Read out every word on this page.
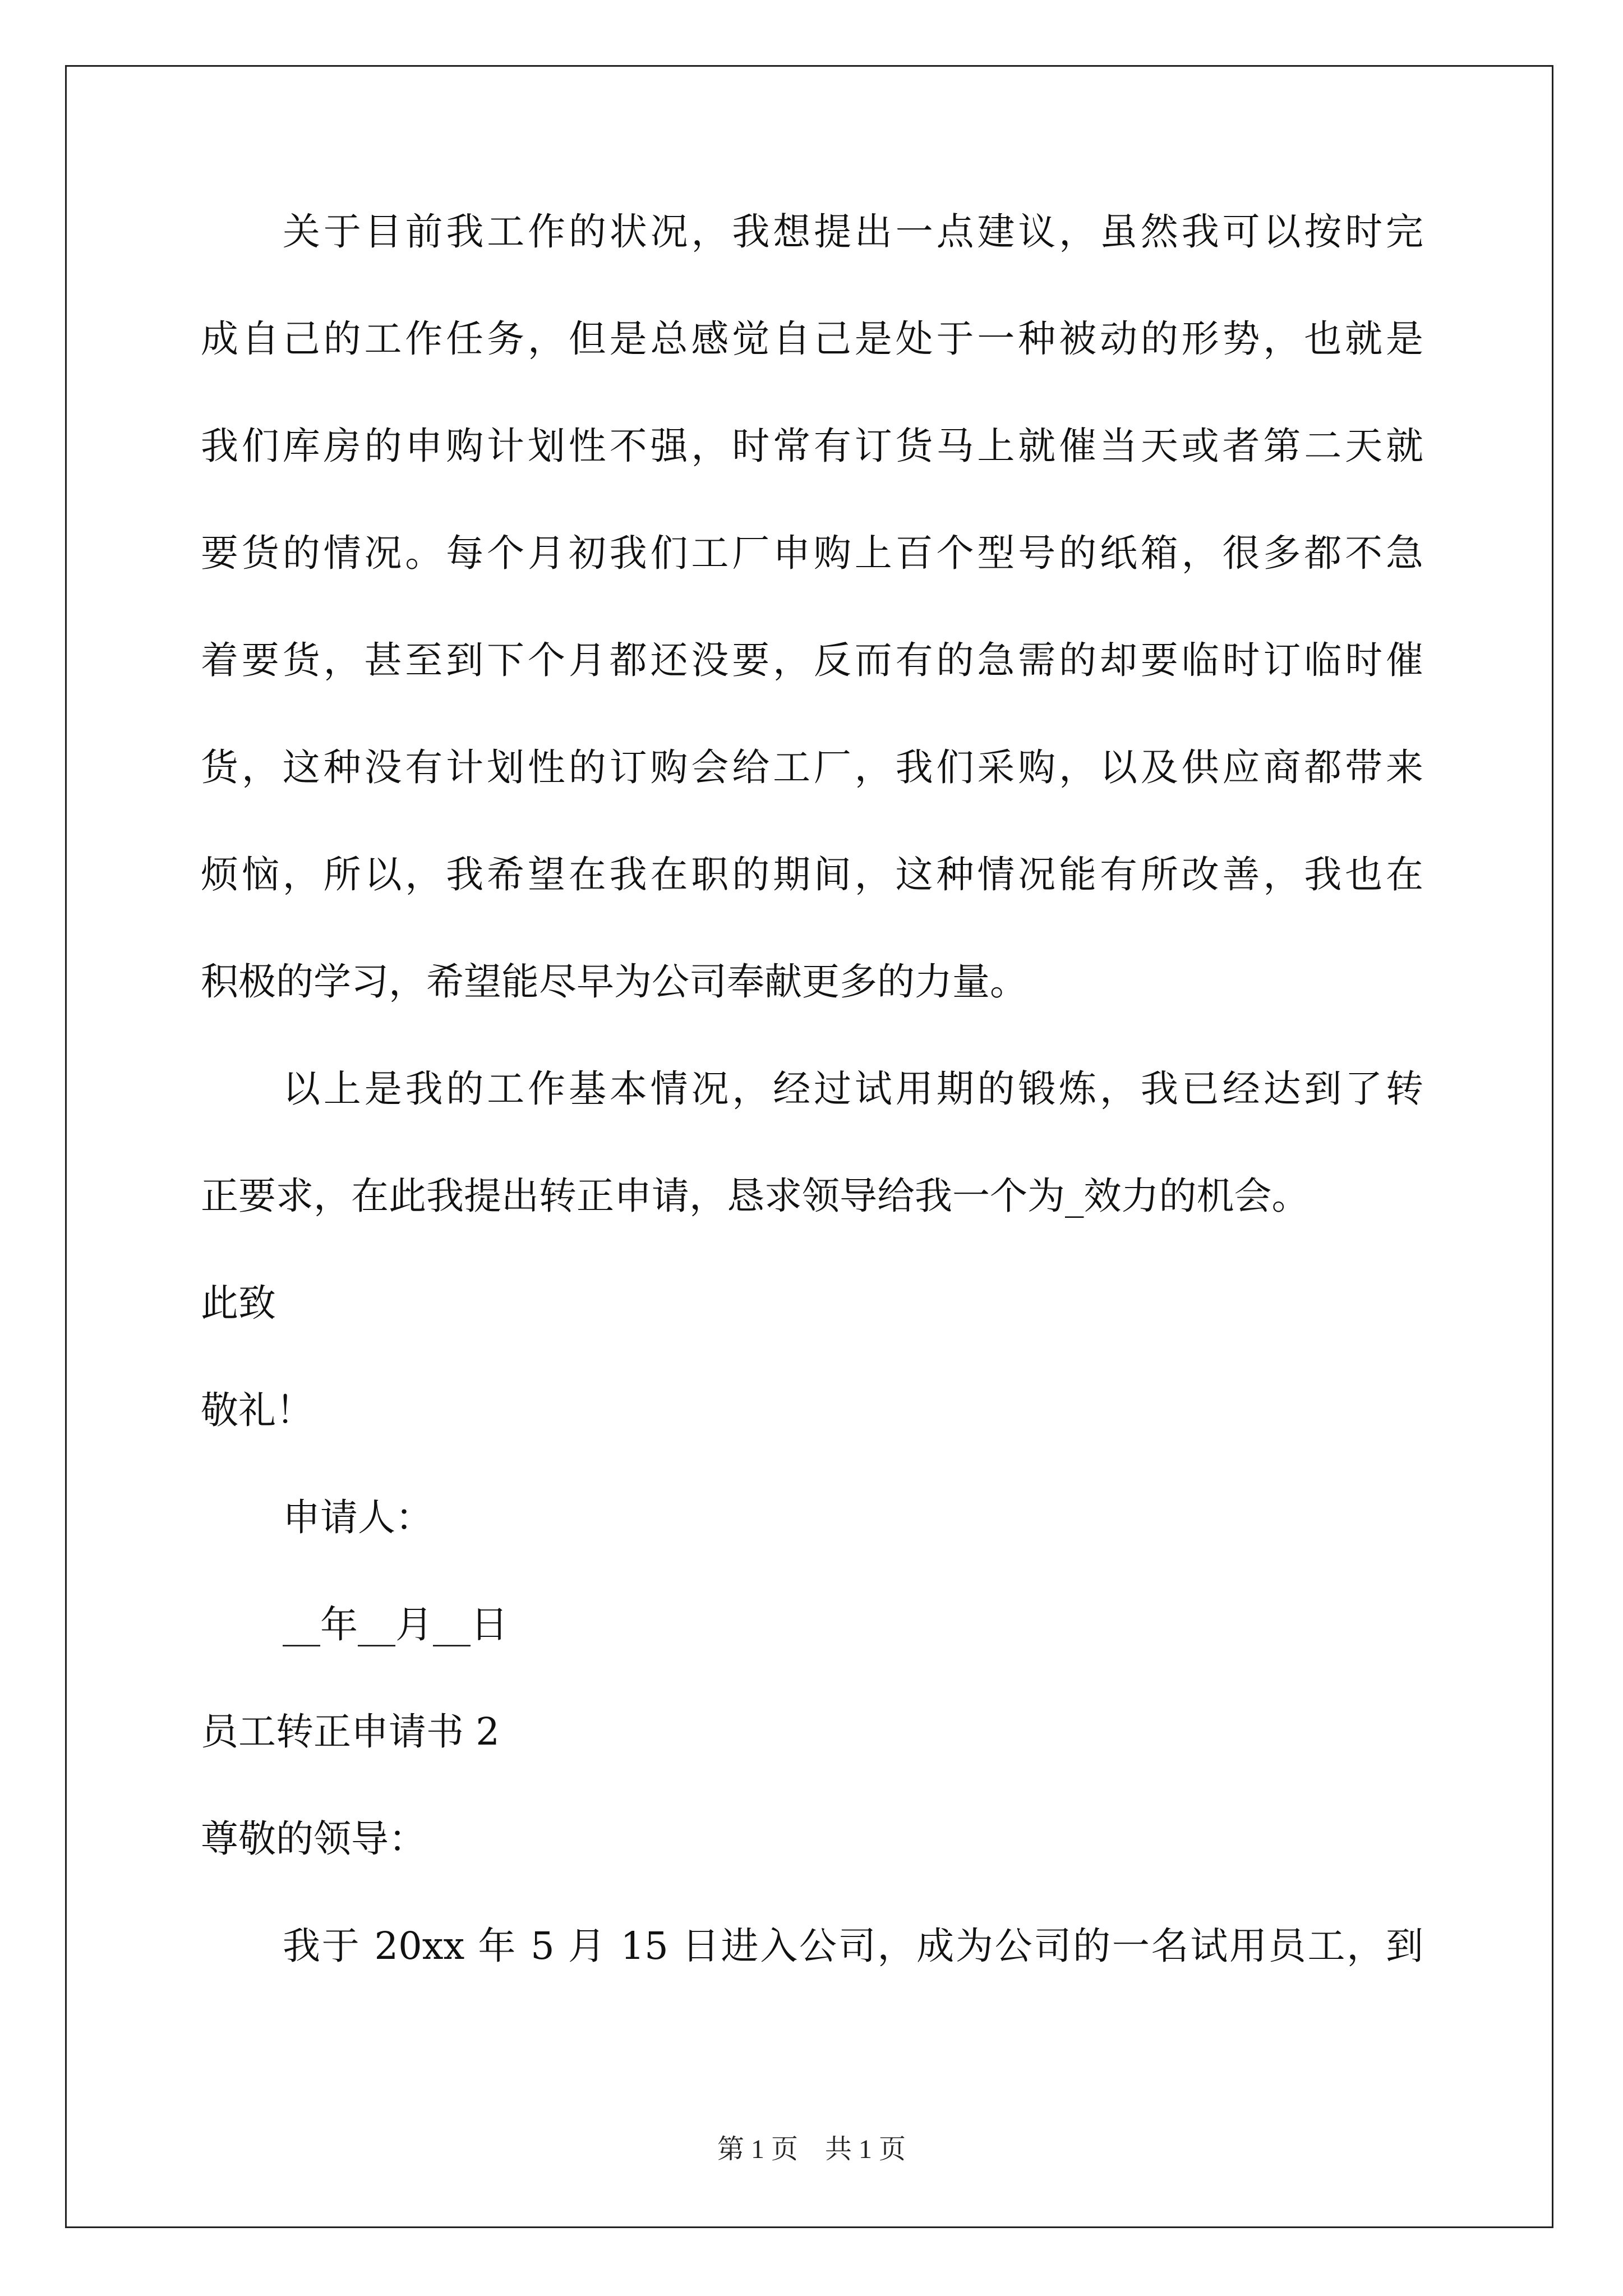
关于目前我工作的状况，我想提出一点建议，虽然我可以按时完
成自己的工作任务，但是总感觉自己是处于一种被动的形势，也就是
我们库房的申购计划性不强，时常有订货马上就催当天或者第二天就
要货的情况。每个月初我们工厂申购上百个型号的纸箱，很多都不急
着要货，甚至到下个月都还没要，反而有的急需的却要临时订临时催
货，这种没有计划性的订购会给工厂，我们采购，以及供应商都带来
烦恼，所以，我希望在我在职的期间，这种情况能有所改善，我也在
积极的学习，希望能尽早为公司奉献更多的力量。
以上是我的工作基本情况，经过试用期的锻炼，我已经达到了转
正要求，在此我提出转正申请，恳求领导给我一个为_效力的机会。
此致
敬礼！
申请人：
__年__月__日
员工转正申请书 2
尊敬的领导：
我于 20xx 年 5 月 15 日进入公司，成为公司的一名试用员工，到
第 1 页　共 1 页
